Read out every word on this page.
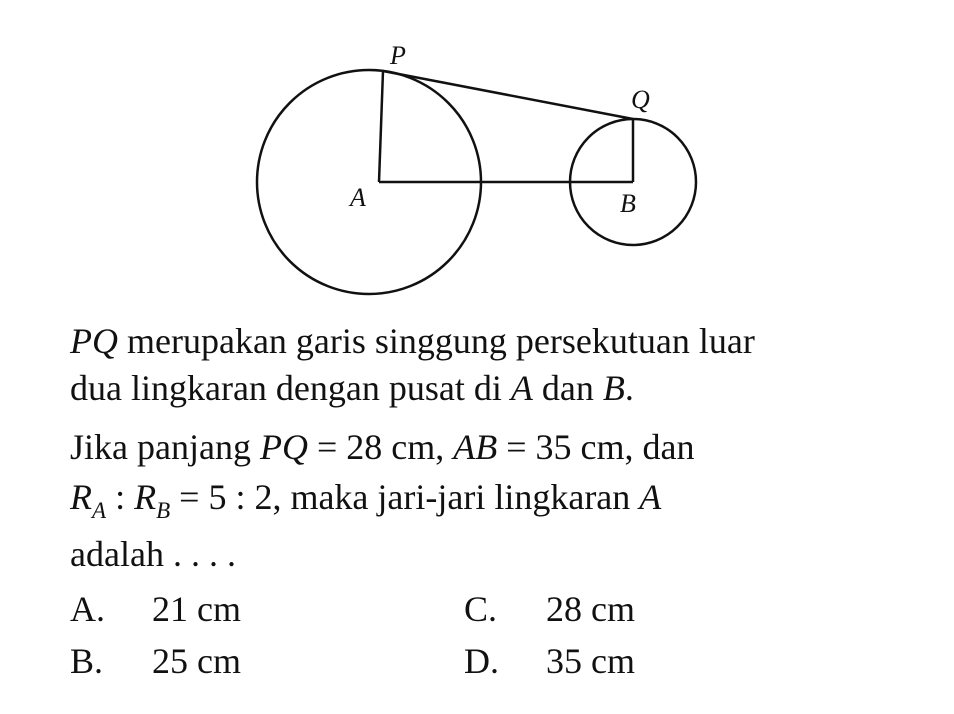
P
Q
A	B
PQ merupakan garis singgung persekutuan luar
dua lingkaran dengan pusat di A dan B.
Jika panjang PQ = 28 cm, AB = 35 cm, dan
$R_A$ : $R_B = 5$ : 2, maka jari-jari lingkaran A
adalah . . . .
A. 21 cm	C. 28 cm
B. 25 cm	D. 35 cm
